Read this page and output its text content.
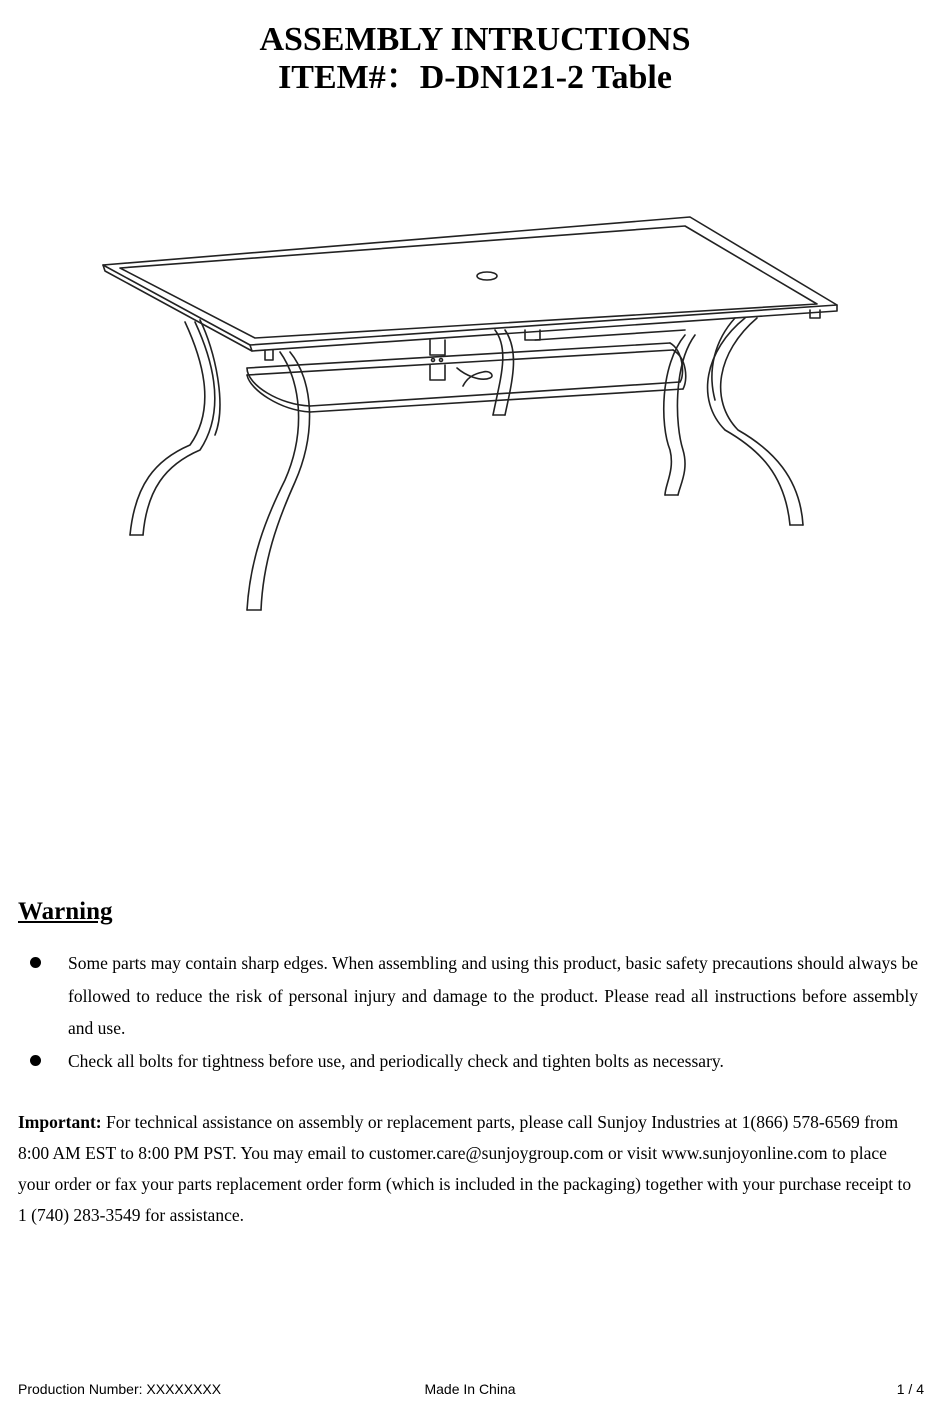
ASSEMBLY INTRUCTIONS
ITEM#：D-DN121-2 Table
Warning
Some parts may contain sharp edges. When assembling and using this product, basic safety precautions should always be followed to reduce the risk of personal injury and damage to the product. Please read all instructions before assembly and use.
Check all bolts for tightness before use, and periodically check and tighten bolts as necessary.

Important: For technical assistance on assembly or replacement parts, please call Sunjoy Industries at 1(866) 578-6569 from 8:00 AM EST to 8:00 PM PST. You may email to customer.care@sunjoygroup.com or visit www.sunjoyonline.com to place your order or fax your parts replacement order form (which is included in the packaging) together with your purchase receipt to 1 (740) 283-3549 for assistance.

Production Number: XXXXXXXX	Made In China	1 / 4
